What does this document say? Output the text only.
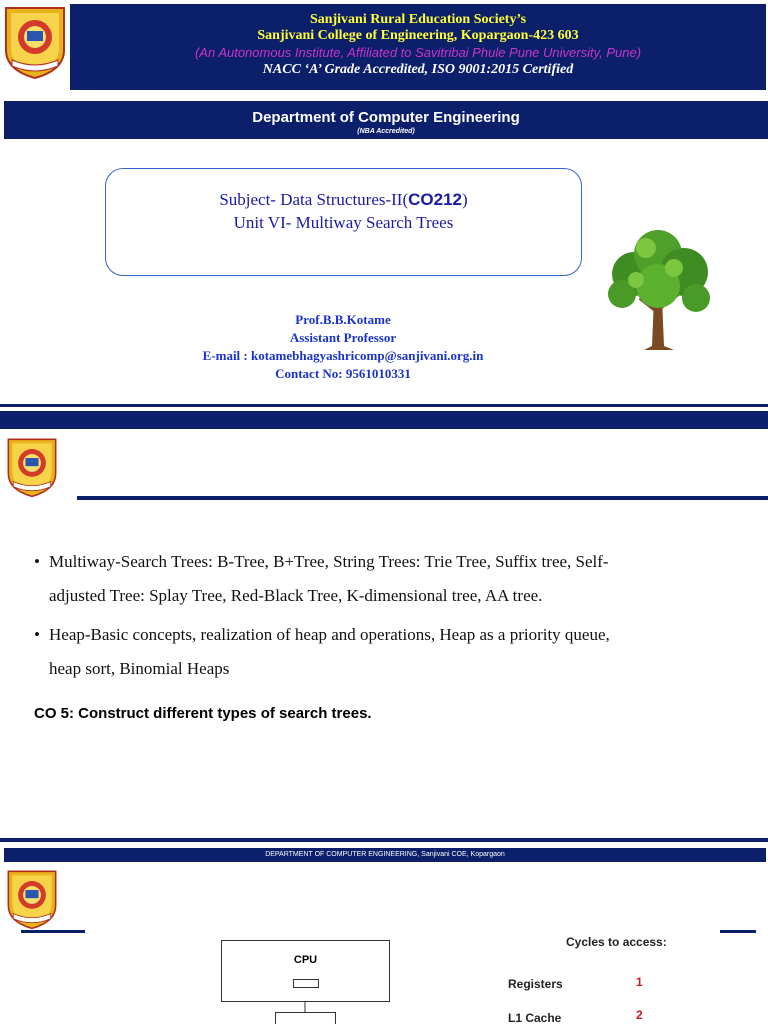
Sanjivani Rural Education Society’s
Sanjivani College of Engineering, Kopargaon-423 603
(An Autonomous Institute, Affiliated to Savitribai Phule Pune University, Pune)
NACC ‘A’ Grade Accredited, ISO 9001:2015 Certified
Department of Computer Engineering
(NBA Accredited)
Subject- Data Structures-II(CO212)
Unit VI- Multiway Search Trees
Prof.B.B.Kotame
Assistant Professor
E-mail : kotamebhagyashricomp@sanjivani.org.in
Contact No: 9561010331
• Multiway-Search Trees: B-Tree, B+Tree, String Trees: Trie Tree, Suffix tree, Self-
adjusted Tree: Splay Tree, Red-Black Tree, K-dimensional tree, AA tree.
• Heap-Basic concepts, realization of heap and operations, Heap as a priority queue,
heap sort, Binomial Heaps
CO 5: Construct different types of search trees.
DEPARTMENT OF COMPUTER ENGINEERING, Sanjivani COE, Kopargaon
CPU
Cycles to access:
Registers	1
L1 Cache	2
